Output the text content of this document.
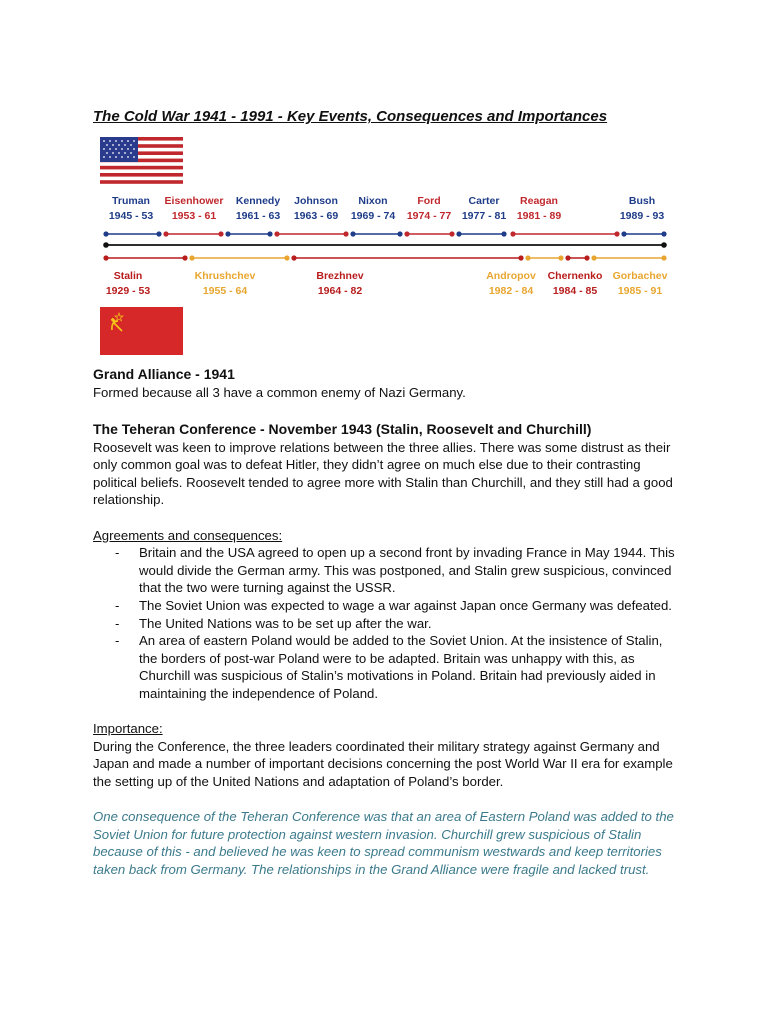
The Cold War 1941 - 1991 - Key Events, Consequences and Importances
Truman
1945 - 53
Eisenhower
1953 - 61
Kennedy
1961 - 63
Johnson
1963 - 69
Nixon
1969 - 74
Ford
1974 - 77
Carter
1977 - 81
Reagan
1981 - 89
Bush
1989 - 93
Stalin
1929 - 53
Khrushchev
1955 - 64
Brezhnev
1964 - 82
Andropov
1982 - 84
Chernenko
1984 - 85
Gorbachev
1985 - 91
Grand Alliance - 1941
Formed because all 3 have a common enemy of Nazi Germany.
The Teheran Conference - November 1943 (Stalin, Roosevelt and Churchill)
Roosevelt was keen to improve relations between the three allies. There was some distrust as their only common goal was to defeat Hitler, they didn’t agree on much else due to their contrasting political beliefs. Roosevelt tended to agree more with Stalin than Churchill, and they still had a good relationship.
Agreements and consequences:
- Britain and the USA agreed to open up a second front by invading France in May 1944. This would divide the German army. This was postponed, and Stalin grew suspicious, convinced that the two were turning against the USSR.
- The Soviet Union was expected to wage a war against Japan once Germany was defeated.
- The United Nations was to be set up after the war.
- An area of eastern Poland would be added to the Soviet Union. At the insistence of Stalin, the borders of post-war Poland were to be adapted. Britain was unhappy with this, as Churchill was suspicious of Stalin’s motivations in Poland. Britain had previously aided in maintaining the independence of Poland.
Importance:
During the Conference, the three leaders coordinated their military strategy against Germany and Japan and made a number of important decisions concerning the post World War II era for example the setting up of the United Nations and adaptation of Poland’s border.
One consequence of the Teheran Conference was that an area of Eastern Poland was added to the Soviet Union for future protection against western invasion. Churchill grew suspicious of Stalin because of this - and believed he was keen to spread communism westwards and keep territories taken back from Germany. The relationships in the Grand Alliance were fragile and lacked trust.
